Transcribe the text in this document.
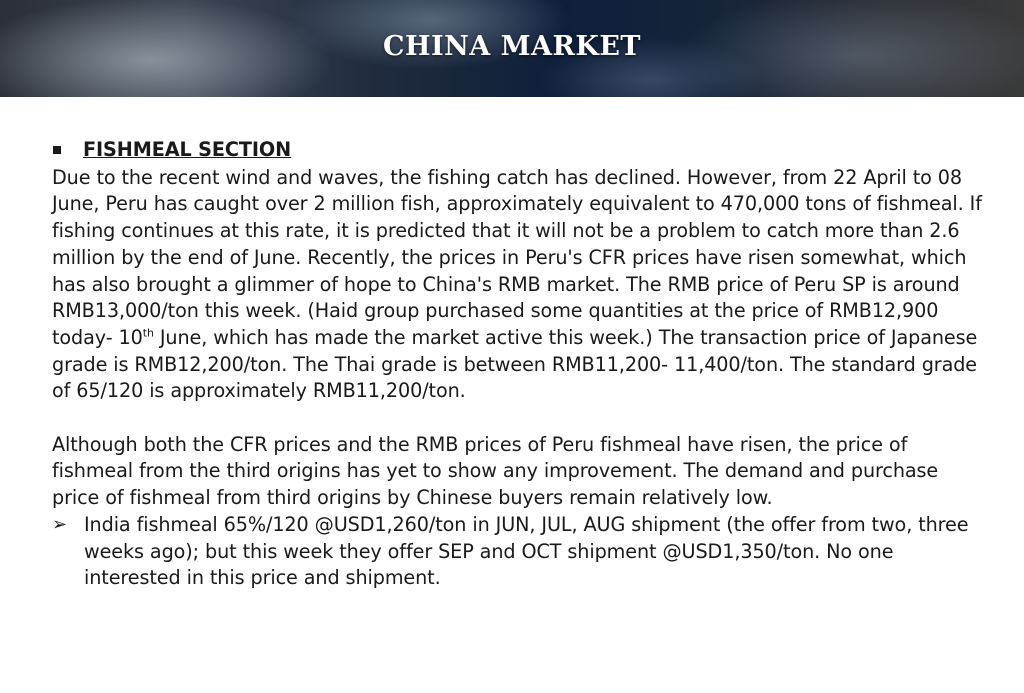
CHINA MARKET
FISHMEAL SECTION

Due to the recent wind and waves, the fishing catch has declined. However, from 22 April to 08 June, Peru has caught over 2 million fish, approximately equivalent to 470,000 tons of fishmeal. If fishing continues at this rate, it is predicted that it will not be a problem to catch more than 2.6 million by the end of June. Recently, the prices in Peru's CFR prices have risen somewhat, which has also brought a glimmer of hope to China's RMB market. The RMB price of Peru SP is around RMB13,000/ton this week. (Haid group purchased some quantities at the price of RMB12,900 today- 10th June, which has made the market active this week.) The transaction price of Japanese grade is RMB12,200/ton. The Thai grade is between RMB11,200- 11,400/ton. The standard grade of 65/120 is approximately RMB11,200/ton.

Although both the CFR prices and the RMB prices of Peru fishmeal have risen, the price of fishmeal from the third origins has yet to show any improvement. The demand and purchase price of fishmeal from third origins by Chinese buyers remain relatively low.

➢ India fishmeal 65%/120 @USD1,260/ton in JUN, JUL, AUG shipment (the offer from two, three weeks ago); but this week they offer SEP and OCT shipment @USD1,350/ton. No one interested in this price and shipment.
